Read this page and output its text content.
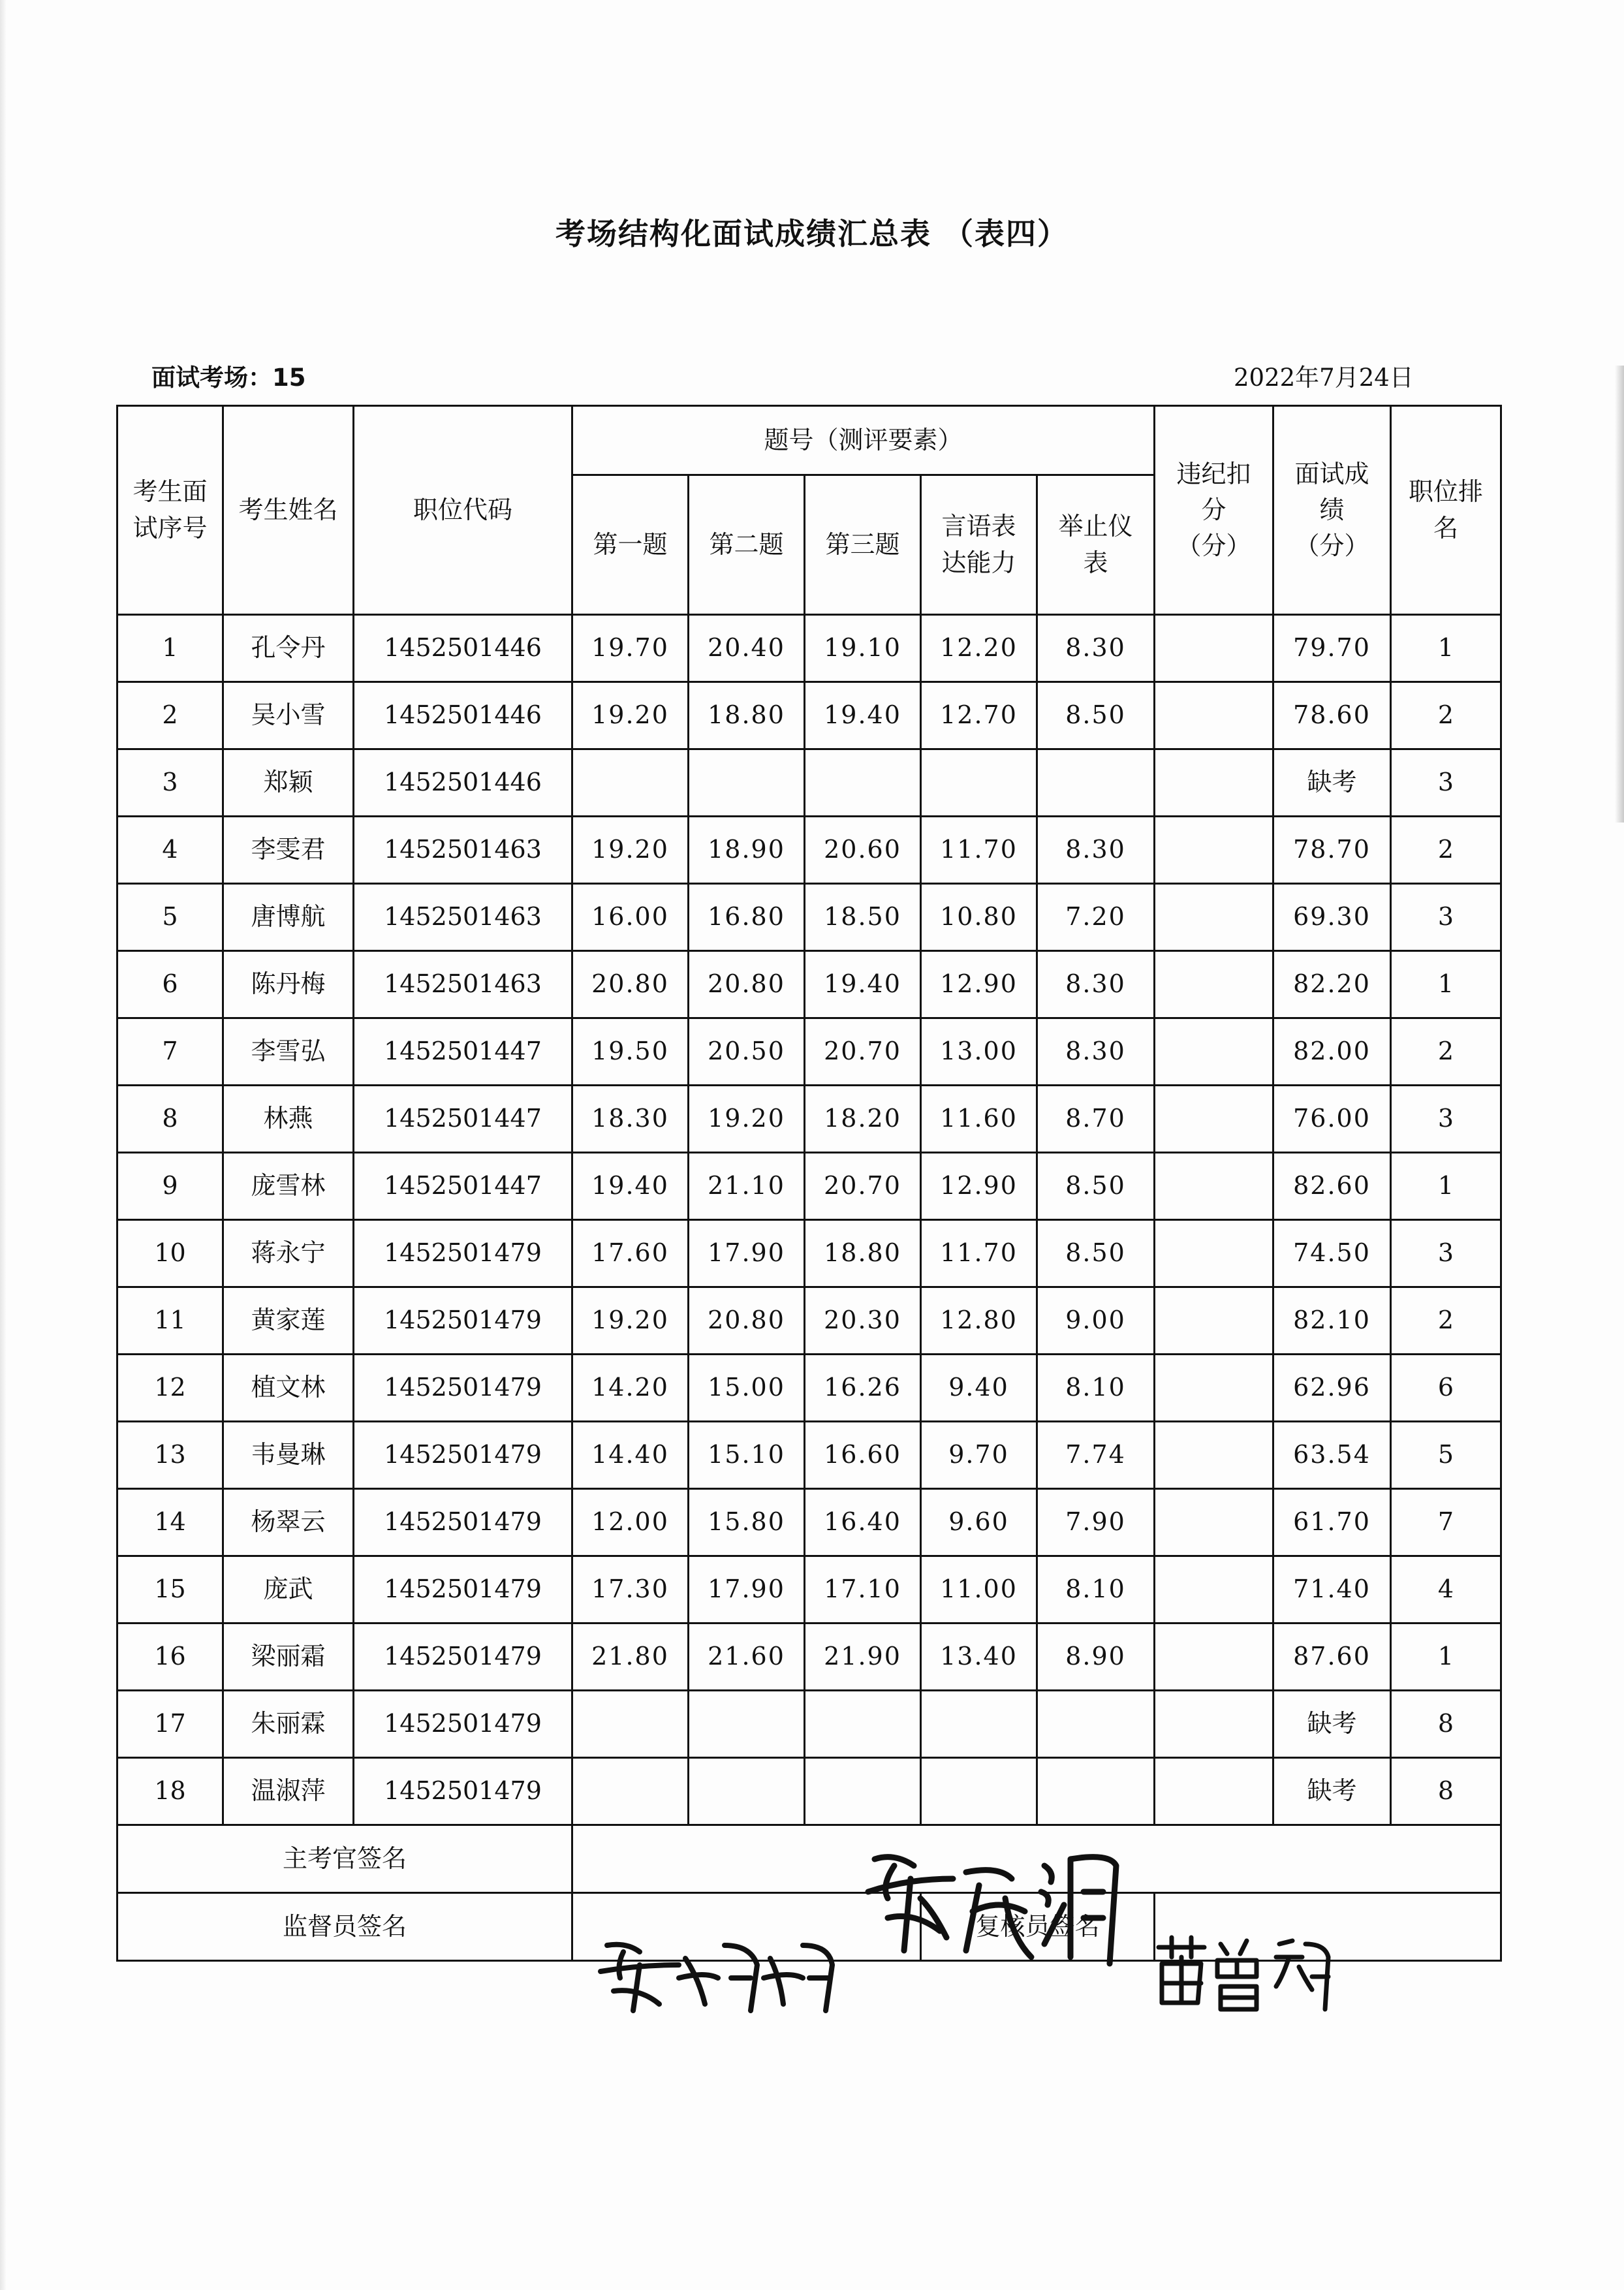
考场结构化面试成绩汇总表 （表四）
面试考场：15	2022年7月24日
考生面试序号	考生姓名	职位代码	题号（测评要素）					违纪扣分（分）	面试成绩（分）	职位排名
			第一题	第二题	第三题	言语表达能力	举止仪表			
1	孔令丹	1452501446	19.70	20.40	19.10	12.20	8.30		79.70	1
2	吴小雪	1452501446	19.20	18.80	19.40	12.70	8.50		78.60	2
3	郑颖	1452501446							缺考	3
4	李雯君	1452501463	19.20	18.90	20.60	11.70	8.30		78.70	2
5	唐博航	1452501463	16.00	16.80	18.50	10.80	7.20		69.30	3
6	陈丹梅	1452501463	20.80	20.80	19.40	12.90	8.30		82.20	1
7	李雪弘	1452501447	19.50	20.50	20.70	13.00	8.30		82.00	2
8	林燕	1452501447	18.30	19.20	18.20	11.60	8.70		76.00	3
9	庞雪林	1452501447	19.40	21.10	20.70	12.90	8.50		82.60	1
10	蒋永宁	1452501479	17.60	17.90	18.80	11.70	8.50		74.50	3
11	黄家莲	1452501479	19.20	20.80	20.30	12.80	9.00		82.10	2
12	植文林	1452501479	14.20	15.00	16.26	9.40	8.10		62.96	6
13	韦曼琳	1452501479	14.40	15.10	16.60	9.70	7.74		63.54	5
14	杨翠云	1452501479	12.00	15.80	16.40	9.60	7.90		61.70	7
15	庞武	1452501479	17.30	17.90	17.10	11.00	8.10		71.40	4
16	梁丽霜	1452501479	21.80	21.60	21.90	13.40	8.90		87.60	1
17	朱丽霖	1452501479							缺考	8
18	温淑萍	1452501479							缺考	8
主考官签名										
监督员签名						复核员签名				
